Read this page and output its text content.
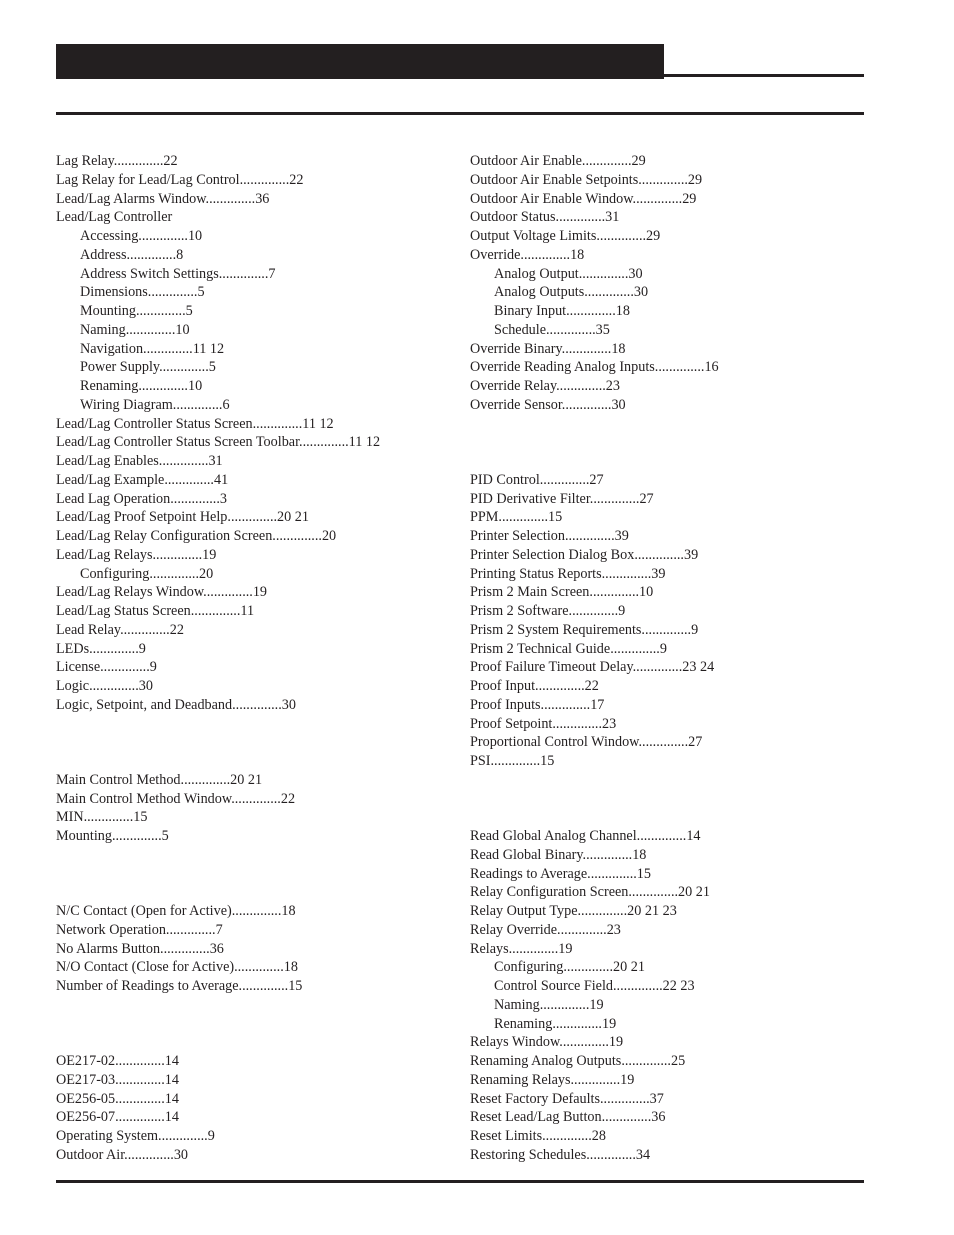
Lag Relay..............22
Lag Relay for Lead/Lag Control..............22
Lead/Lag Alarms Window..............36
Lead/Lag Controller
Accessing..............10
Address..............8
Address Switch Settings..............7
Dimensions..............5
Mounting..............5
Naming..............10
Navigation..............11 12
Power Supply..............5
Renaming..............10
Wiring Diagram..............6
Lead/Lag Controller Status Screen..............11 12
Lead/Lag Controller Status Screen Toolbar..............11 12
Lead/Lag Enables..............31
Lead/Lag Example..............41
Lead Lag Operation..............3
Lead/Lag Proof Setpoint Help..............20 21
Lead/Lag Relay Configuration Screen..............20
Lead/Lag Relays..............19
Configuring..............20
Lead/Lag Relays Window..............19
Lead/Lag Status Screen..............11
Lead Relay..............22
LEDs..............9
License..............9
Logic..............30
Logic, Setpoint, and Deadband..............30
Main Control Method..............20 21
Main Control Method Window..............22
MIN..............15
Mounting..............5
N/C Contact (Open for Active)..............18
Network Operation..............7
No Alarms Button..............36
N/O Contact (Close for Active)..............18
Number of Readings to Average..............15
OE217-02..............14
OE217-03..............14
OE256-05..............14
OE256-07..............14
Operating System..............9
Outdoor Air..............30
Outdoor Air Enable..............29
Outdoor Air Enable Setpoints..............29
Outdoor Air Enable Window..............29
Outdoor Status..............31
Output Voltage Limits..............29
Override..............18
Analog Output..............30
Analog Outputs..............30
Binary Input..............18
Schedule..............35
Override Binary..............18
Override Reading Analog Inputs..............16
Override Relay..............23
Override Sensor..............30
PID Control..............27
PID Derivative Filter..............27
PPM..............15
Printer Selection..............39
Printer Selection Dialog Box..............39
Printing Status Reports..............39
Prism 2 Main Screen..............10
Prism 2 Software..............9
Prism 2 System Requirements..............9
Prism 2 Technical Guide..............9
Proof Failure Timeout Delay..............23 24
Proof Input..............22
Proof Inputs..............17
Proof Setpoint..............23
Proportional Control Window..............27
PSI..............15
Read Global Analog Channel..............14
Read Global Binary..............18
Readings to Average..............15
Relay Configuration Screen..............20 21
Relay Output Type..............20 21 23
Relay Override..............23
Relays..............19
Configuring..............20 21
Control Source Field..............22 23
Naming..............19
Renaming..............19
Relays Window..............19
Renaming Analog Outputs..............25
Renaming Relays..............19
Reset Factory Defaults..............37
Reset Lead/Lag Button..............36
Reset Limits..............28
Restoring Schedules..............34
